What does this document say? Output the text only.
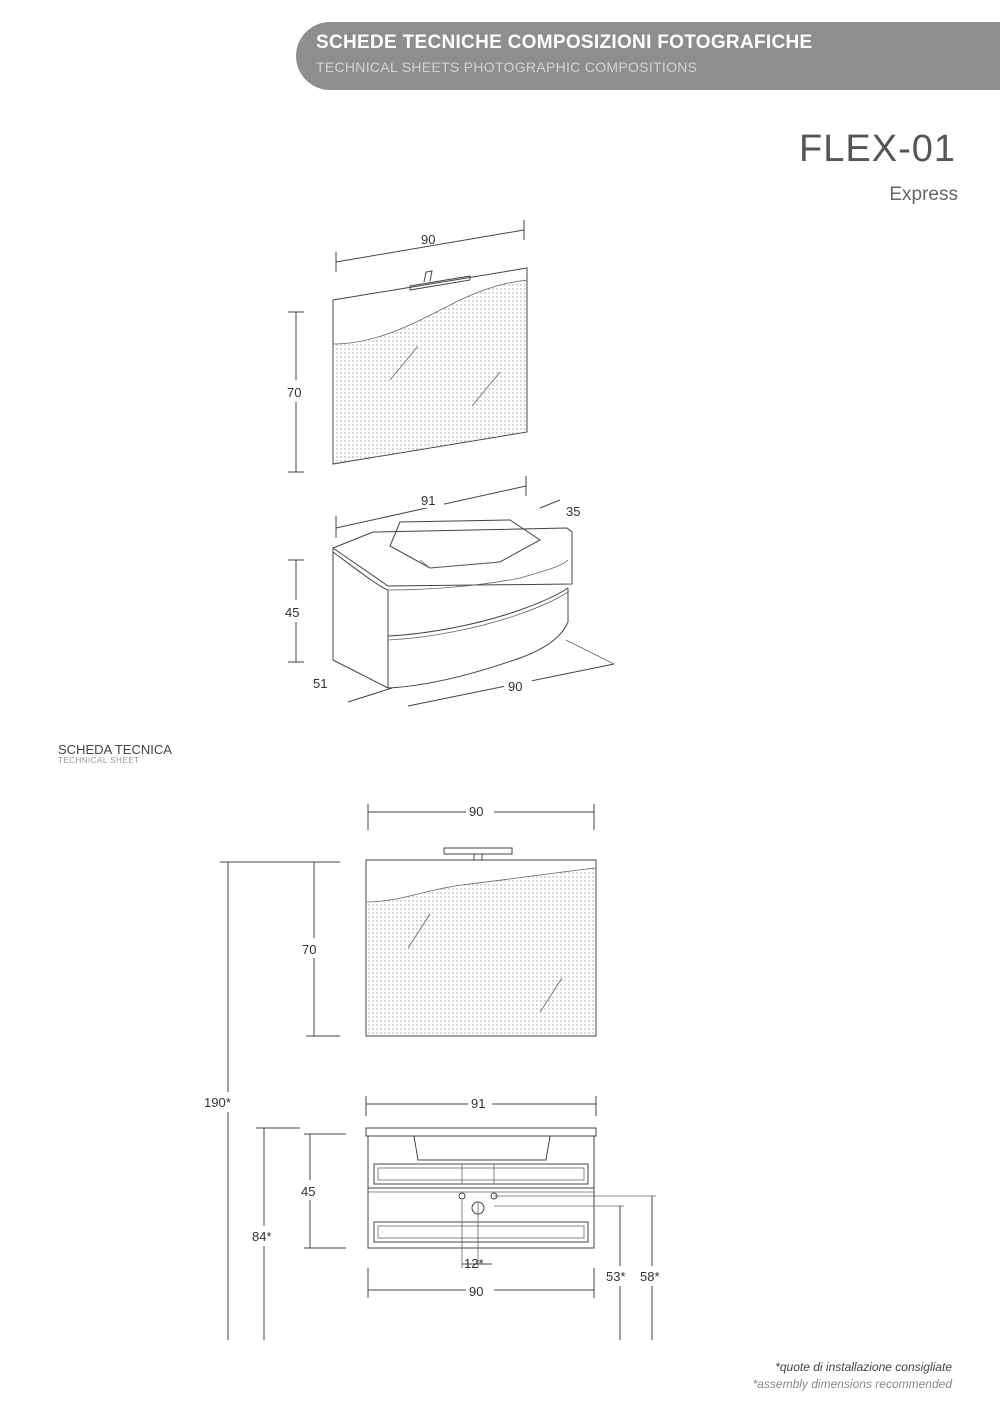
SCHEDE TECNICHE COMPOSIZIONI FOTOGRAFICHE
TECHNICAL SHEETS PHOTOGRAPHIC COMPOSITIONS
FLEX-01
Express
90
70
91
35
45
51	90
90
70
190*	91
45
84*
12*
90
53* 58*
SCHEDA TECNICA
TECHNICAL SHEET
*quote di installazione consigliate
*assembly dimensions recommended
